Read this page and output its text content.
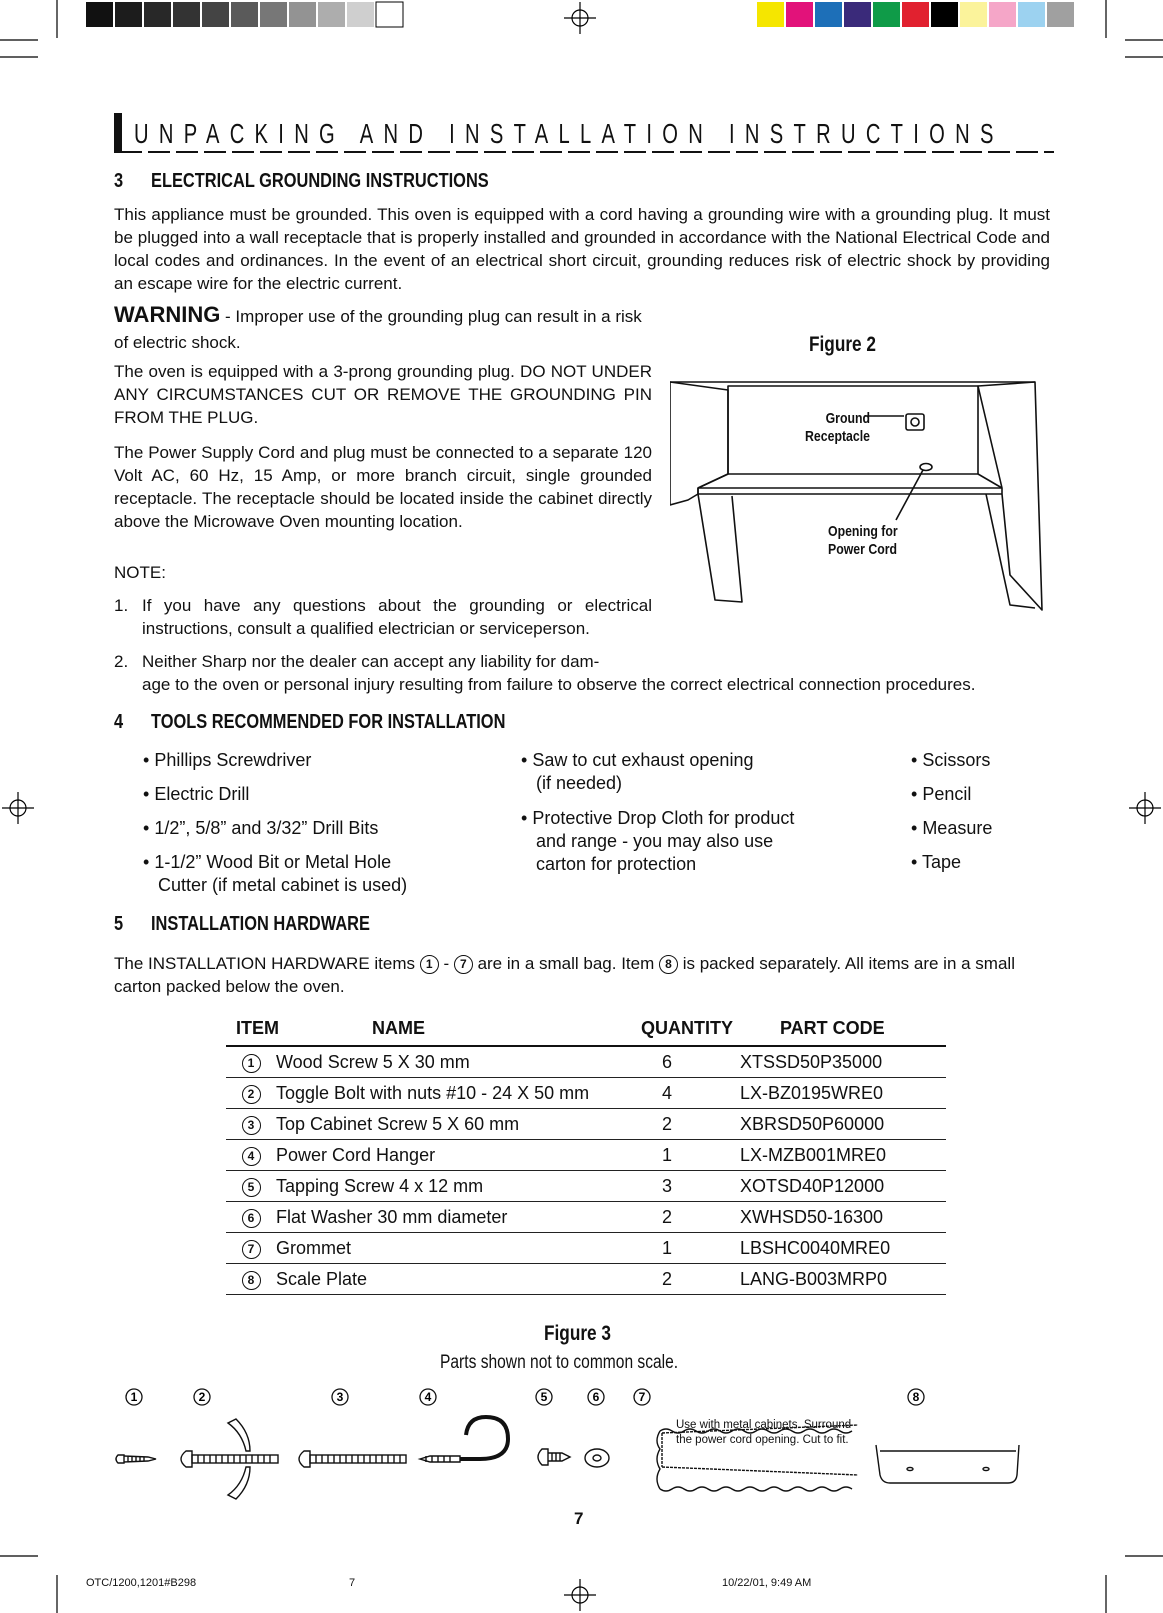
UNPACKING AND INSTALLATION INSTRUCTIONS
3 ELECTRICAL GROUNDING INSTRUCTIONS

This appliance must be grounded. This oven is equipped with a cord having a grounding wire with a grounding plug. It must be plugged into a wall receptacle that is properly installed and grounded in accordance with the National Electrical Code and local codes and ordinances. In the event of an electrical short circuit, grounding reduces risk of electric shock by providing an escape wire for the electric current.

WARNING - Improper use of the grounding plug can result in a risk of electric shock.

The oven is equipped with a 3-prong grounding plug. DO NOT UNDER ANY CIRCUMSTANCES CUT OR REMOVE THE GROUNDING PIN FROM THE PLUG.

The Power Supply Cord and plug must be connected to a separate 120 Volt AC, 60 Hz, 15 Amp, or more branch circuit, single grounded receptacle. The receptacle should be located inside the cabinet directly above the Microwave Oven mounting location.

NOTE:
1. If you have any questions about the grounding or electrical instructions, consult a qualified electrician or serviceperson.

2. Neither Sharp nor the dealer can accept any liability for dam-
age to the oven or personal injury resulting from failure to observe the correct electrical connection procedures.
Figure 2
Ground
Receptacle
Opening for
Power Cord
4 TOOLS RECOMMENDED FOR INSTALLATION
• Phillips Screwdriver
• Electric Drill
• 1/2”, 5/8” and 3/32” Drill Bits
• 1-1/2” Wood Bit or Metal Hole
Cutter (if metal cabinet is used)
• Saw to cut exhaust opening
(if needed)
• Protective Drop Cloth for product
and range - you may also use
carton for protection
• Scissors
• Pencil
• Measure
• Tape
5 INSTALLATION HARDWARE

The INSTALLATION HARDWARE items 1 - 7 are in a small bag. Item 8 is packed separately. All items are in a small carton packed below the oven.

ITEM	NAME	QUANTITY	PART CODE
1	Wood Screw 5 X 30 mm	6	XTSSD50P35000
2	Toggle Bolt with nuts #10 - 24 X 50 mm	4	LX-BZ0195WRE0
3	Top Cabinet Screw 5 X 60 mm	2	XBRSD50P60000
4	Power Cord Hanger	1	LX-MZB001MRE0
5	Tapping Screw 4 x 12 mm	3	XOTSD40P12000
6	Flat Washer 30 mm diameter	2	XWHSD50-16300
7	Grommet	1	LBSHC0040MRE0
8	Scale Plate	2	LANG-B003MRP0
Figure 3
Parts shown not to common scale.
1	2	3	4	5	6	7	8
Use with metal cabinets. Surround
the power cord opening. Cut to fit.
7
OTC/1200,1201#B298	7	10/22/01, 9:49 AM
